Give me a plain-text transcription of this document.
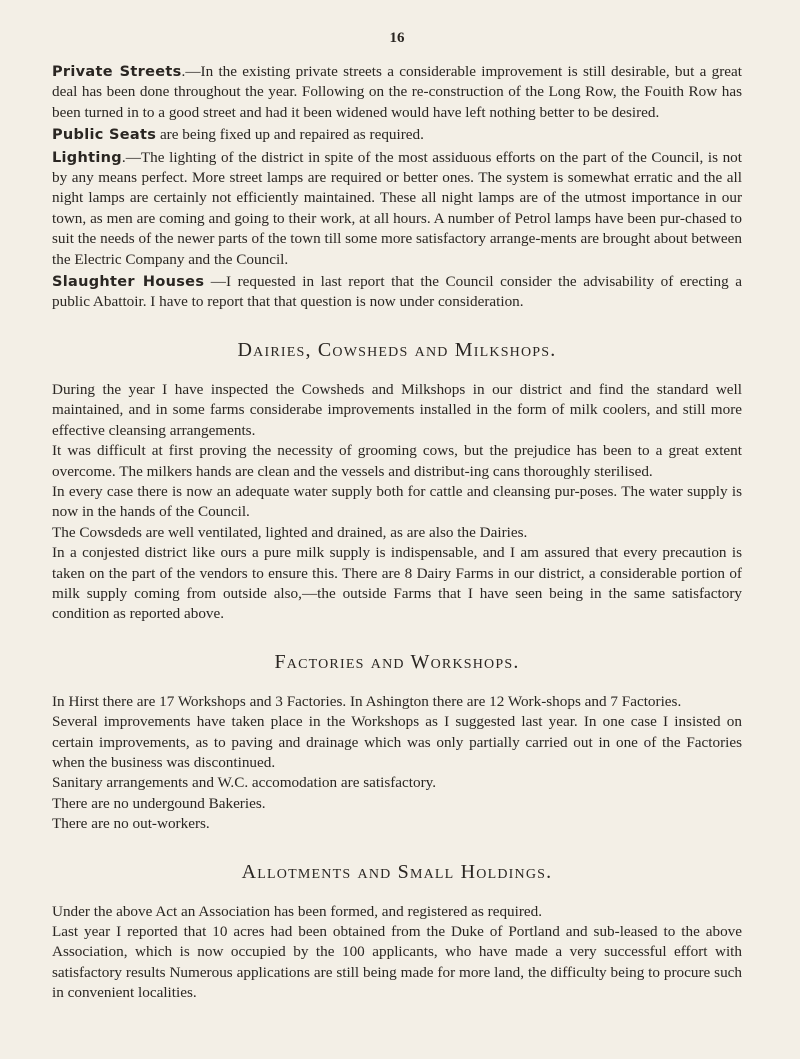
16

Private Streets.—In the existing private streets a considerable improvement is still desirable, but a great deal has been done throughout the year. Following on the re-construction of the Long Row, the Fouith Row has been turned in to a good street and had it been widened would have left nothing better to be desired.

Public Seats are being fixed up and repaired as required.

Lighting.—The lighting of the district in spite of the most assiduous efforts on the part of the Council, is not by any means perfect. More street lamps are required or better ones. The system is somewhat erratic and the all night lamps are certainly not efficiently maintained. These all night lamps are of the utmost importance in our town, as men are coming and going to their work, at all hours. A number of Petrol lamps have been pur-chased to suit the needs of the newer parts of the town till some more satisfactory arrange-ments are brought about between the Electric Company and the Council.

Slaughter Houses —I requested in last report that the Council consider the advisability of erecting a public Abattoir. I have to report that that question is now under consideration.

Dairies, Cowsheds and Milkshops.

During the year I have inspected the Cowsheds and Milkshops in our district and find the standard well maintained, and in some farms considerabe improvements installed in the form of milk coolers, and still more effective cleansing arrangements.

It was difficult at first proving the necessity of grooming cows, but the prejudice has been to a great extent overcome. The milkers hands are clean and the vessels and distribut-ing cans thoroughly sterilised.

In every case there is now an adequate water supply both for cattle and cleansing pur-poses. The water supply is now in the hands of the Council.

The Cowsdeds are well ventilated, lighted and drained, as are also the Dairies.

In a conjested district like ours a pure milk supply is indispensable, and I am assured that every precaution is taken on the part of the vendors to ensure this. There are 8 Dairy Farms in our district, a considerable portion of milk supply coming from outside also,—the outside Farms that I have seen being in the same satisfactory condition as reported above.

Factories and Workshops.

In Hirst there are 17 Workshops and 3 Factories. In Ashington there are 12 Work-shops and 7 Factories.

Several improvements have taken place in the Workshops as I suggested last year. In one case I insisted on certain improvements, as to paving and drainage which was only partially carried out in one of the Factories when the business was discontinued.

Sanitary arrangements and W.C. accomodation are satisfactory.

There are no undergound Bakeries.

There are no out-workers.

Allotments and Small Holdings.

Under the above Act an Association has been formed, and registered as required.

Last year I reported that 10 acres had been obtained from the Duke of Portland and sub-leased to the above Association, which is now occupied by the 100 applicants, who have made a very successful effort with satisfactory results Numerous applications are still being made for more land, the difficulty being to procure such in convenient localities.
